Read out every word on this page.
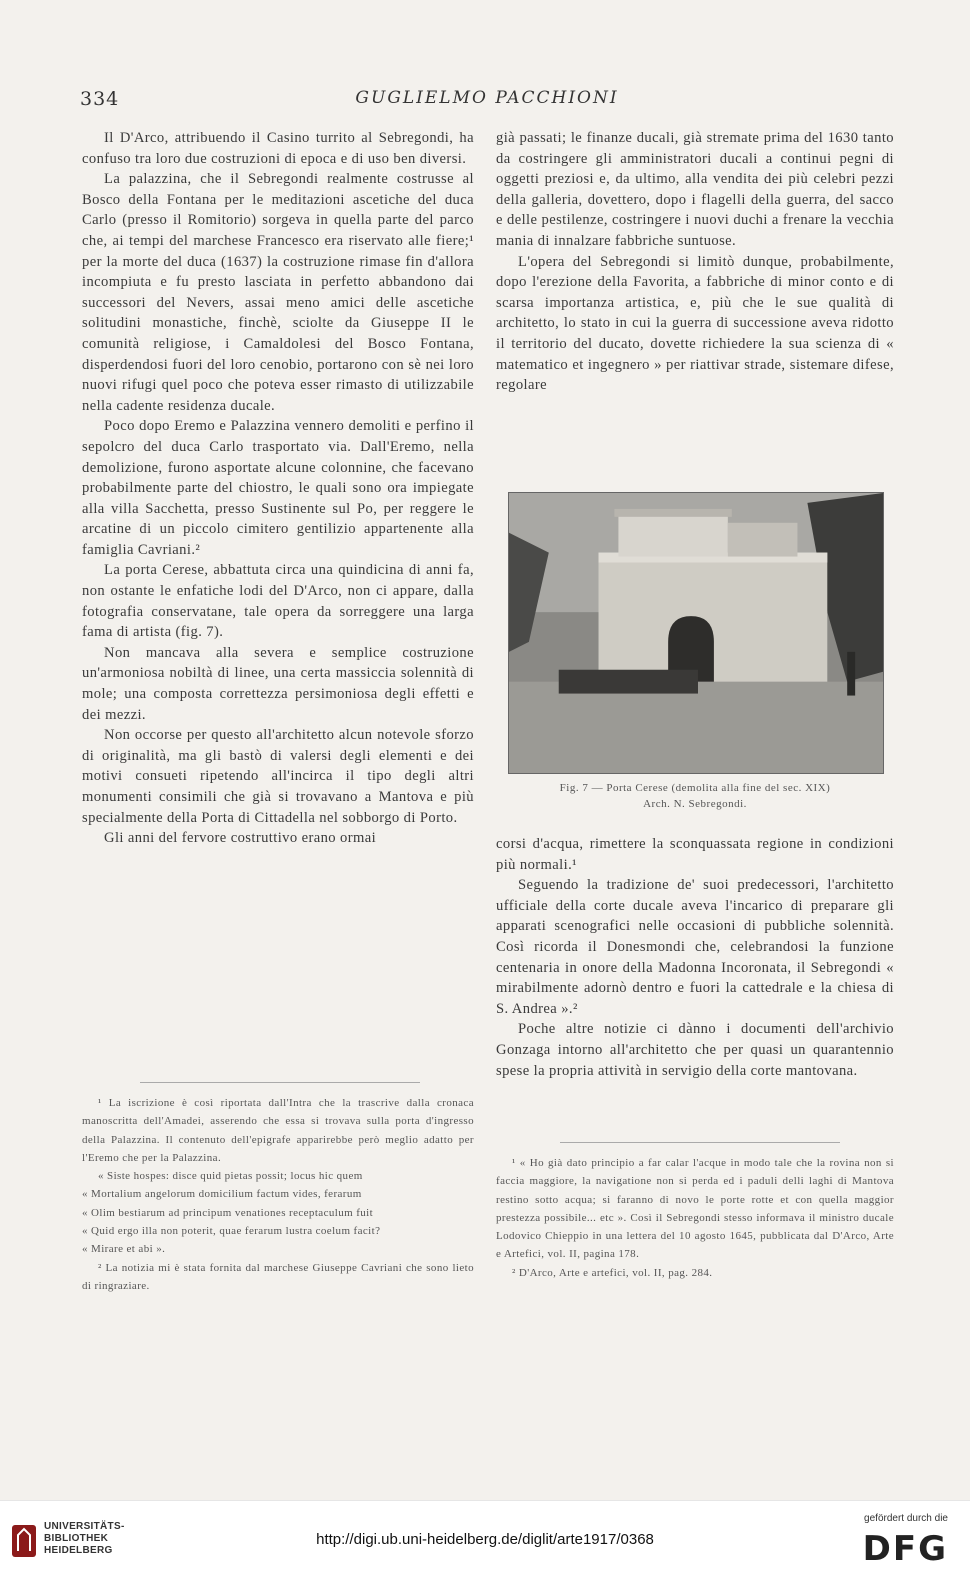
334	GUGLIELMO PACCHIONI

Il D'Arco, attribuendo il Casino turrito al Sebregondi, ha confuso tra loro due costruzioni di epoca e di uso ben diversi.

La palazzina, che il Sebregondi realmente costrusse al Bosco della Fontana per le meditazioni ascetiche del duca Carlo (presso il Romitorio) sorgeva in quella parte del parco che, ai tempi del marchese Francesco era riservato alle fiere;¹ per la morte del duca (1637) la costruzione rimase fin d'allora incompiuta e fu presto lasciata in perfetto abbandono dai successori del Nevers, assai meno amici delle ascetiche solitudini monastiche, finchè, sciolte da Giuseppe II le comunità religiose, i Camaldolesi del Bosco Fontana, disperdendosi fuori del loro cenobio, portarono con sè nei loro nuovi rifugi quel poco che poteva esser rimasto di utilizzabile nella cadente residenza ducale.

Poco dopo Eremo e Palazzina vennero demoliti e perfino il sepolcro del duca Carlo trasportato via. Dall'Eremo, nella demolizione, furono asportate alcune colonnine, che facevano probabilmente parte del chiostro, le quali sono ora impiegate alla villa Sacchetta, presso Sustinente sul Po, per reggere le arcatine di un piccolo cimitero gentilizio appartenente alla famiglia Cavriani.²

La porta Cerese, abbattuta circa una quindicina di anni fa, non ostante le enfatiche lodi del D'Arco, non ci appare, dalla fotografia conservatane, tale opera da sorreggere una larga fama di artista (fig. 7).

Non mancava alla severa e semplice costruzione un'armoniosa nobiltà di linee, una certa massiccia solennità di mole; una composta correttezza persimoniosa degli effetti e dei mezzi.

Non occorse per questo all'architetto alcun notevole sforzo di originalità, ma gli bastò di valersi degli elementi e dei motivi consueti ripetendo all'incirca il tipo degli altri monumenti consimili che già si trovavano a Mantova e più specialmente della Porta di Cittadella nel sobborgo di Porto.

Gli anni del fervore costruttivo erano ormai

già passati; le finanze ducali, già stremate prima del 1630 tanto da costringere gli amministratori ducali a continui pegni di oggetti preziosi e, da ultimo, alla vendita dei più celebri pezzi della galleria, dovettero, dopo i flagelli della guerra, del sacco e delle pestilenze, costringere i nuovi duchi a frenare la vecchia mania di innalzare fabbriche suntuose.

L'opera del Sebregondi si limitò dunque, probabilmente, dopo l'erezione della Favorita, a fabbriche di minor conto e di scarsa importanza artistica, e, più che le sue qualità di architetto, lo stato in cui la guerra di successione aveva ridotto il territorio del ducato, dovette richiedere la sua scienza di « matematico et ingegnero » per riattivar strade, sistemare difese, regolare

Fig. 7 — Porta Cerese (demolita alla fine del sec. XIX)
Arch. N. Sebregondi.

corsi d'acqua, rimettere la sconquassata regione in condizioni più normali.¹

Seguendo la tradizione de' suoi predecessori, l'architetto ufficiale della corte ducale aveva l'incarico di preparare gli apparati scenografici nelle occasioni di pubbliche solennità. Così ricorda il Donesmondi che, celebrandosi la funzione centenaria in onore della Madonna Incoronata, il Sebregondi « mirabilmente adornò dentro e fuori la cattedrale e la chiesa di S. Andrea ».²

Poche altre notizie ci dànno i documenti dell'archivio Gonzaga intorno all'architetto che per quasi un quarantennio spese la propria attività in servigio della corte mantovana.

¹ La iscrizione è così riportata dall'Intra che la trascrive dalla cronaca manoscritta dell'Amadei, asserendo che essa si trovava sulla porta d'ingresso della Palazzina. Il contenuto dell'epigrafe apparirebbe però meglio adatto per l'Eremo che per la Palazzina.

« Siste hospes: disce quid pietas possit; locus hic quem

« Mortalium angelorum domicilium factum vides, ferarum

« Olim bestiarum ad principum venationes receptaculum fuit

« Quid ergo illa non poterit, quae ferarum lustra coelum facit?

« Mirare et abi ».

² La notizia mi è stata fornita dal marchese Giuseppe Cavriani che sono lieto di ringraziare.

¹ « Ho già dato principio a far calar l'acque in modo tale che la rovina non si faccia maggiore, la navigatione non si perda ed i paduli delli laghi di Mantova restino sotto acqua; si faranno di novo le porte rotte et con quella maggior prestezza possibile... etc ». Così il Sebregondi stesso informava il ministro ducale Lodovico Chieppio in una lettera del 10 agosto 1645, pubblicata dal D'Arco, Arte e Artefici, vol. II, pagina 178.

² D'Arco, Arte e artefici, vol. II, pag. 284.

UNIVERSITÄTS-
BIBLIOTHEK
HEIDELBERG
http://digi.ub.uni-heidelberg.de/diglit/arte1917/0368
gefördert durch die
DFG
